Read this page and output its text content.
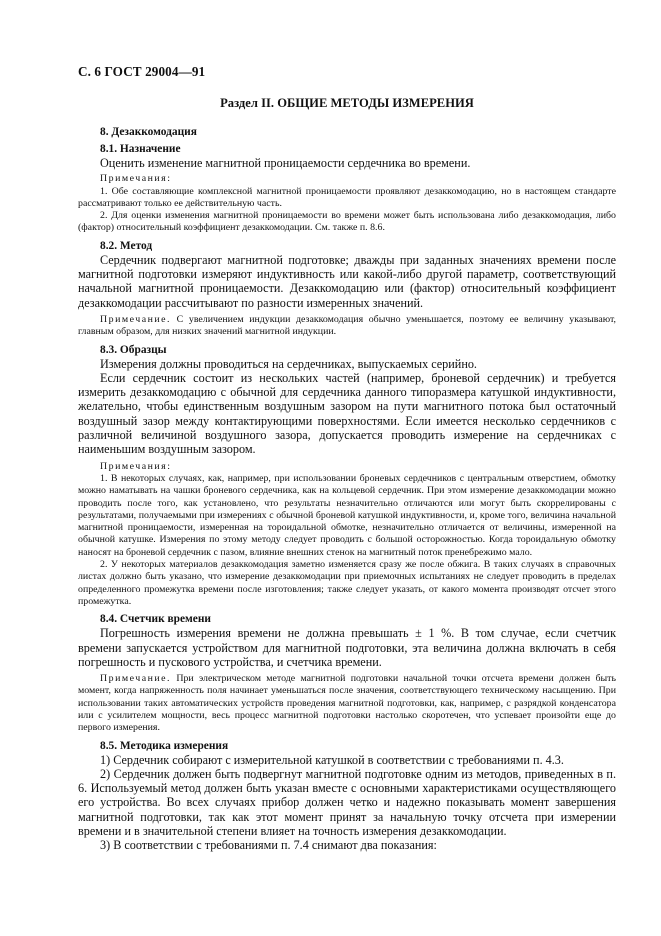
С. 6 ГОСТ 29004—91
Раздел II. ОБЩИЕ МЕТОДЫ ИЗМЕРЕНИЯ
8. Дезаккомодация
8.1. Назначение

Оценить изменение магнитной проницаемости сердечника во времени.

Примечания:

1. Обе составляющие комплексной магнитной проницаемости проявляют дезаккомодацию, но в настоящем стандарте рассматривают только ее действительную часть.

2. Для оценки изменения магнитной проницаемости во времени может быть использована либо дезаккомодация, либо (фактор) относительный коэффициент дезаккомодации. См. также п. 8.6.

8.2. Метод

Сердечник подвергают магнитной подготовке; дважды при заданных значениях времени после магнитной подготовки измеряют индуктивность или какой-либо другой параметр, соответствующий начальной магнитной проницаемости. Дезаккомодацию или (фактор) относительный коэффициент дезаккомодации рассчитывают по разности измеренных значений.

Примечание. С увеличением индукции дезаккомодация обычно уменьшается, поэтому ее величину указывают, главным образом, для низких значений магнитной индукции.

8.3. Образцы

Измерения должны проводиться на сердечниках, выпускаемых серийно.

Если сердечник состоит из нескольких частей (например, броневой сердечник) и требуется измерить дезаккомодацию с обычной для сердечника данного типоразмера катушкой индуктивности, желательно, чтобы единственным воздушным зазором на пути магнитного потока был остаточный воздушный зазор между контактирующими поверхностями. Если имеется несколько сердечников с различной величиной воздушного зазора, допускается проводить измерение на сердечниках с наименьшим воздушным зазором.

Примечания:

1. В некоторых случаях, как, например, при использовании броневых сердечников с центральным отверстием, обмотку можно наматывать на чашки броневого сердечника, как на кольцевой сердечник. При этом измерение дезаккомодации можно проводить после того, как установлено, что результаты незначительно отличаются или могут быть скоррелированы с результатами, получаемыми при измерениях с обычной броневой катушкой индуктивности, и, кроме того, величина начальной магнитной проницаемости, измеренная на тороидальной обмотке, незначительно отличается от величины, измеренной на обычной катушке. Измерения по этому методу следует проводить с большой осторожностью. Когда тороидальную обмотку наносят на броневой сердечник с пазом, влияние внешних стенок на магнитный поток пренебрежимо мало.

2. У некоторых материалов дезаккомодация заметно изменяется сразу же после обжига. В таких случаях в справочных листах должно быть указано, что измерение дезаккомодации при приемочных испытаниях не следует проводить в пределах определенного промежутка времени после изготовления; также следует указать, от какого момента производят отсчет этого промежутка.

8.4. Счетчик времени

Погрешность измерения времени не должна превышать ± 1 %. В том случае, если счетчик времени запускается устройством для магнитной подготовки, эта величина должна включать в себя погрешность и пускового устройства, и счетчика времени.

Примечание. При электрическом методе магнитной подготовки начальной точки отсчета времени должен быть момент, когда напряженность поля начинает уменьшаться после значения, соответствующего техническому насыщению. При использовании таких автоматических устройств проведения магнитной подготовки, как, например, с разрядкой конденсатора или с усилителем мощности, весь процесс магнитной подготовки настолько скоротечен, что успевает произойти еще до первого измерения.

8.5. Методика измерения

1) Сердечник собирают с измерительной катушкой в соответствии с требованиями п. 4.3.

2) Сердечник должен быть подвергнут магнитной подготовке одним из методов, приведенных в п. 6. Используемый метод должен быть указан вместе с основными характеристиками осуществляющего его устройства. Во всех случаях прибор должен четко и надежно показывать момент завершения магнитной подготовки, так как этот момент принят за начальную точку отсчета при измерении времени и в значительной степени влияет на точность измерения дезаккомодации.

3) В соответствии с требованиями п. 7.4 снимают два показания:
